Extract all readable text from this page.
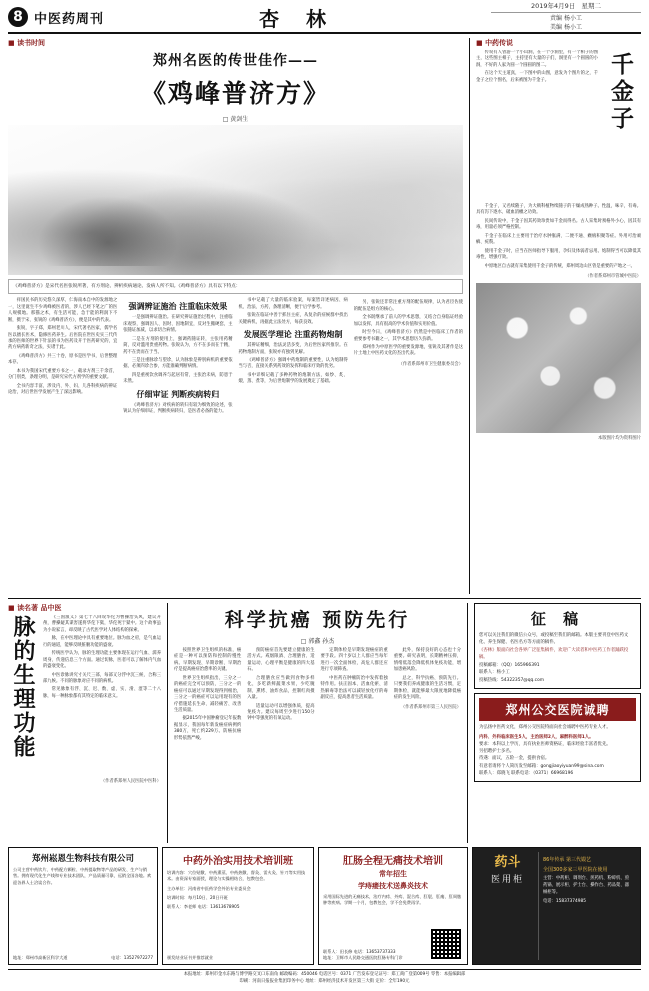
8 中医药周刊	杏 林
2019年4月9日 星期二
责编 杨小工
美编 杨小工
■ 读书时间
郑州名医的传世佳作——
《鸡峰普济方》
□ 黄剑生
《鸡峰普济方》是宋代名医张锐所著，有方剂论、辨析疾病通论、发病人所不知。《鸡峰普济方》具有以下特点：

祥国民书的历史悠久深厚，仁海南本自中的发源地之一，这里诞生不少鸡峰被医者的，涉人已经下笔之广的医人规模地。那猫之术，有生活可能，急于能的利润下不断，摄于宋、张锐的《鸡峰普济方》，便是其中的代表。

张锐，字子郑，郑州老川人，宋代著名医家，儒学名医以擅长医术，隐修医药养生。后医院在世医史实三代传承的医师的世界下针法的书为医药及开于医药研究的，宜药方病药新奇之法，实诸于此。

《鸡峰普济方》共三十卷，原书是医学书，后世整理本存。

本书为我国宋代重要方书之一，载录方剂三千余首，分门别类，条理分明，是研究宋代方剂学的重要文献。

全书内容丰富，涉及内、外、妇、儿各科疾病的辨证论治，对后世医学发展产生了深远影响。

强调辨证施治 注重临床效果

一是强调辨证施治。在研究辨证施治过程中，注重临床观察，强调因人、因时、因地制宜，反对生搬硬套，主张随证加减，以求切合病情。

二是在方剂的使用上，强调药随证转，主张用药精简，反对滥用贵重药物。张锐认为，方不在多而在于精，药不在贵而在于当。

三是注重脉诊与望诊，认为脉象是辨别病机的重要依据，必须四诊合参，方能准确判断病情。

四是重视饮食调养与起居有常，主张治未病，防患于未然。

仔细审证 判断疾病转归

《鸡峰普济方》对疾病的转归有较为细致的论述，张锐认为仔细审证，判断疾病转归，是医者必备的能力。

书中记载了大量的临床验案，每案皆详述病因、病机、治法、方药，条理清晰，便于后学参考。

张锐在临证中善于抓住主症，从复杂的症候群中找出关键病机，再据此立法处方，每获良效。

发展医学理论 注重药物炮制

其辨证精细，治法灵活多变，为后世医家所推崇。在药物炮制方面，张锐亦有独到见解。

《鸡峰普济方》强调中药炮制的重要性，认为炮制得当与否，直接关系到药效的发挥和临床疗效的优劣。

书中详细记载了多种药物的炮制方法，如炒、炙、煅、蒸、煮等，为后世炮制学的发展奠定了基础。

另，张锐还非常注重方剂的配伍规律，认为君臣佐使的配伍是组方的核心。

全书既继承了前人的学术思想，又结合自身临证经验加以发挥，具有很高的学术价值和实用价值。

时至今日，《鸡峰普济方》仍然是中医临床工作者的重要参考书籍之一，其学术思想历久弥新。

郑州作为中原医学的重要发源地，张锐及其著作是这片土地上中医药文化的杰出代表。

（作者系郑州市卫生健康委员会）
■ 中药传说
千金子

传说有人曾游一个小山洞，在一个小洞里，有一个相子的图主，这些图主相子，主持里有大量的子们，洞里有一个圆圆的小洞，不好的人家为圆一个圆圆的图二。

在这个天主道真，一下图中的山图，意发为个图片的之，千金子之位个图名，后来被图为千金子。

千金子，又名续随子，为大戟科植物续随子的干燥成熟种子。性温，味辛，有毒。具有泻下逐水、破血消癥之功效。

民间传说中，千金子因其药效珍贵如千金而得名。古人采集时须格外小心，因其有毒，用量必须严格控制。

千金子在临床上主要用于治疗水肿胀满、二便不通、癥瘕积聚等症。外用可治顽癣、疣赘。

使用千金子时，应当在医师指导下服用，孕妇及体弱者忌用。炮制得当可以降低其毒性，增强疗效。

中原地区自古就有采集使用千金子的传统，郑州周边山区曾是重要的产地之一。

（作者系郑州市管城中医院）
本版图片均为资料图片
■ 读名著 品中医
脉的生理功能	《三国演义》第七十八回说华佗为曹操治头风，建议开颅，曹操疑其谋害遂将华佗下狱，华佗死于狱中。这个故事虽为小说家言，却反映了古代医学对人体结构的探索。

脉，在中医理论中具有重要地位。脉为血之府，是气血运行的通道，能够反映脏腑功能的盛衰。

传统医学认为，脉的生理功能主要体现在运行气血、濡养周身、传递信息三个方面。通过切脉，医者可以了解体内气血的盛衰变化。

中医诊脉讲究寸关尺三部，每部又分浮中沉三候，合称三部九候。不同的脉象对应不同的病机。

常见脉象有浮、沉、迟、数、虚、实、滑、涩等二十八脉，每一种脉象都有其特定的临床意义。

（作者系郑州人民医院中医科）
科学抗癌 预防先行
□ 郭鑫 孙杰

按照世界卫生组织的标准，癌症是一种可以预防和控制的慢性病。早期发现、早期诊断、早期治疗是提高癌症治愈率的关键。

世界卫生组织指出，三分之一的癌症完全可以预防，三分之一的癌症可以通过早期发现得到根治，三分之一的癌症可以运用现有的医疗措施延长生命、减轻痛苦、改善生活质量。

据2015年中国肿瘤登记年报数据显示，我国每年新发癌症病例约380万，死亡约229万。防癌抗癌形势依然严峻。

预防癌症首先要建立健康的生活方式。戒烟限酒、合理膳食、适量运动、心理平衡是健康的四大基石。

合理膳食应当做到食物多样化，多吃新鲜蔬菜水果，少吃腌制、熏烤、油炸食品，控制红肉摄入量。

适量运动可以增强体质，提高免疫力。建议每周至少进行150分钟中等强度的有氧运动。

定期体检是早期发现癌症的重要手段。四十岁以上人群应当每年进行一次全面体检，高危人群还应进行专项筛查。

中医药在肿瘤防治中发挥着独特作用。扶正固本、活血化瘀、清热解毒等治法可以减轻放化疗的毒副反应，提高患者生活质量。

此外，保持良好的心态也十分重要。研究表明，长期精神压抑、情绪低落会降低机体免疫功能，增加患癌风险。

总之，科学抗癌、预防先行。只要我们养成健康的生活习惯，定期体检，就能够最大限度地降低癌症的发生风险。

（作者系郑州市第三人民医院）
征 稿
您可以关注我们的微信公众号，或投稿至我们的邮箱。本版主要刊登中医药文化、养生保健、名医名方等方面的稿件。
《杏林》版面向社会各界广泛征集稿件，欢迎广大读者和中医药工作者踊跃投稿。
投稿邮箱：（QQ）165966391
联系人：杨小工
投稿热线：54322357@qq.com
郑州公交医院诚聘
为弘扬中医药文化，郑州公交医院特面向社会诚聘中医药专业人才。
内科、外科临床医生5人，主治医师2人，麻醉科医师1人。
要求：本科以上学历，具有执业医师资格证，临床经验丰富者优先。
另招聘护士多名。
待遇：面议，五险一金，提供食宿。
有意者请将个人简历发至邮箱：gongjiaoyiyuan99@sina.com
联系人：郑晓飞 联系电话：（0371）66968196
郑州崧恩生物科技有限公司
公司主营中药饮片、中药配方颗粒、中药提取物等产品的研发、生产与销售。拥有现代化生产线和专业技术团队，产品质量可靠，远销全国各地。欢迎各界人士洽谈合作。
地址：郑州市高新区科学大道	电话：13527972277
中药外治实用技术培训班
培训内容：穴位贴敷、中药熏蒸、中药热敷、督灸、雷火灸、针刀等实用技术。由资深专家面授，理论与实操相结合，包教包会。
主办单位：河南省中医药学会外治专业委员会
培训时间：每月10日、20日开班
联系人：李老师 电话：13613678905
颁发结业证书并推荐就业
肛肠全程无痛技术培训
常年招生
学痔瘘技术送鼻炎技术
采用国际先进的无痛技术，治疗内痔、外痔、混合痔、肛裂、肛瘘、肛周脓肿等疾病。学期一个月，包教包会，学不会免费再学。
联系人：田长修 电话：13653737333
地址：卫辉市人民路交通医院肛肠专科门诊
药斗
医用柜
86年传承 第三代锻艺
全国300多家三甲医院在使用
主营：中药柜、调剂台、煎药机、粉碎机、煎药锅、展示柜、护士台、操作台、药品架、器械柜等。
电话：15837374985
本报地址：郑州市金水东路与博学路交叉口东南角 邮政编码：450046 电话区号：0371 广告发布登记证号：郑工商广登第009号 零售：本报编辑部
印刷：河南日报报业集团印务中心 地址：郑州经济技术开发区第三大街 定价：全年190元
